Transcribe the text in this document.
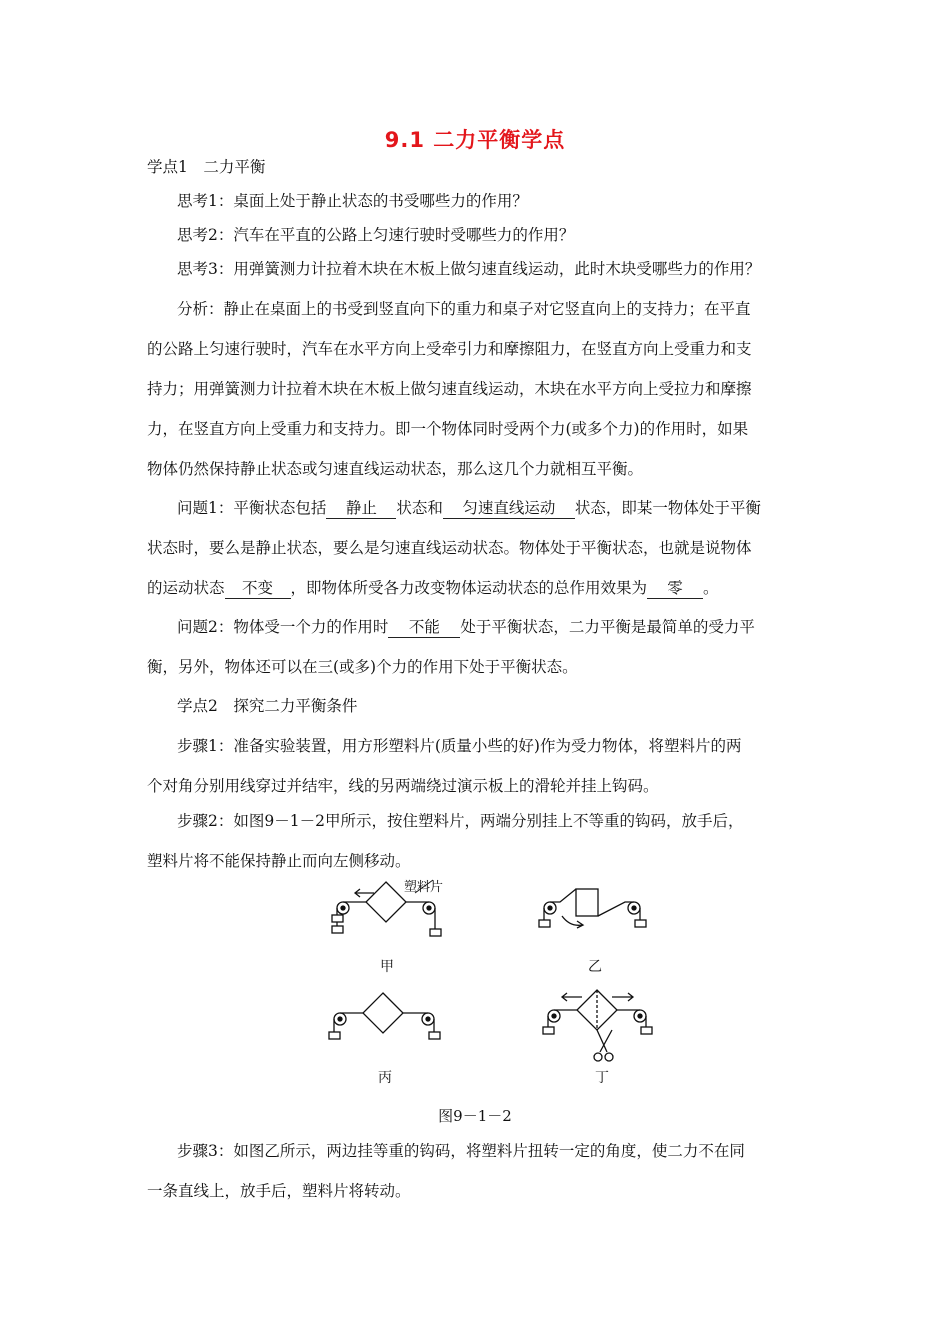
9.1 二力平衡学点
学点1　二力平衡
思考1：桌面上处于静止状态的书受哪些力的作用？
思考2：汽车在平直的公路上匀速行驶时受哪些力的作用？
思考3：用弹簧测力计拉着木块在木板上做匀速直线运动，此时木块受哪些力的作用？
分析：静止在桌面上的书受到竖直向下的重力和桌子对它竖直向上的支持力；在平直
的公路上匀速行驶时，汽车在水平方向上受牵引力和摩擦阻力，在竖直方向上受重力和支
持力；用弹簧测力计拉着木块在木板上做匀速直线运动，木块在水平方向上受拉力和摩擦
力，在竖直方向上受重力和支持力。即一个物体同时受两个力(或多个力)的作用时，如果
物体仍然保持静止状态或匀速直线运动状态，那么这几个力就相互平衡。
问题1：平衡状态包括 静止 状态和 匀速直线运动 状态，即某一物体处于平衡
状态时，要么是静止状态，要么是匀速直线运动状态。物体处于平衡状态，也就是说物体
的运动状态 不变 ，即物体所受各力改变物体运动状态的总作用效果为 零 。
问题2：物体受一个力的作用时 不能 处于平衡状态，二力平衡是最简单的受力平
衡，另外，物体还可以在三(或多)个力的作用下处于平衡状态。
学点2　探究二力平衡条件
步骤1：准备实验装置，用方形塑料片(质量小些的好)作为受力物体，将塑料片的两
个对角分别用线穿过并结牢，线的另两端绕过演示板上的滑轮并挂上钩码。
步骤2：如图9－1－2甲所示，按住塑料片，两端分别挂上不等重的钩码，放手后，
塑料片将不能保持静止而向左侧移动。
塑料片
甲	乙
丙	丁
图9－1－2
步骤3：如图乙所示，两边挂等重的钩码，将塑料片扭转一定的角度，使二力不在同
一条直线上，放手后，塑料片将转动。
